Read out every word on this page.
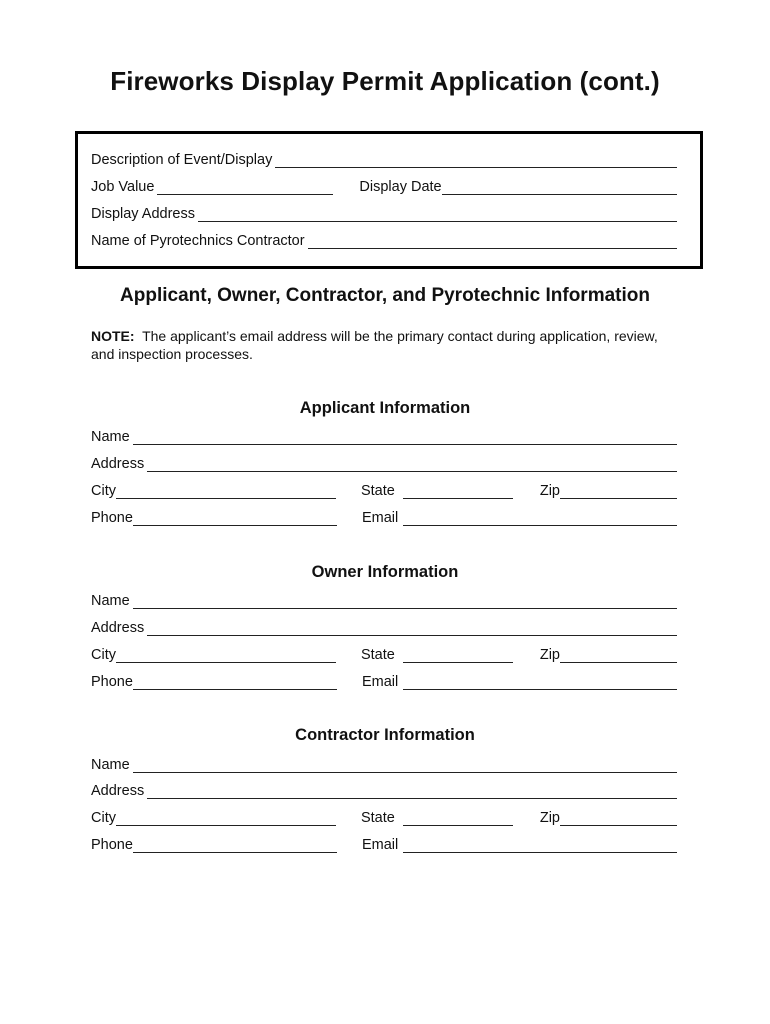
Fireworks Display Permit Application (cont.)
Description of Event/Display
Job Value	Display Date
Display Address
Name of Pyrotechnics Contractor
Applicant, Owner, Contractor, and Pyrotechnic Information
NOTE: The applicant’s email address will be the primary contact during application, review, and inspection processes.
Applicant Information
Name
Address
City	State	Zip
Phone	Email
Owner Information
Name
Address
City	State	Zip
Phone	Email
Contractor Information
Name
Address
City	State	Zip
Phone	Email
